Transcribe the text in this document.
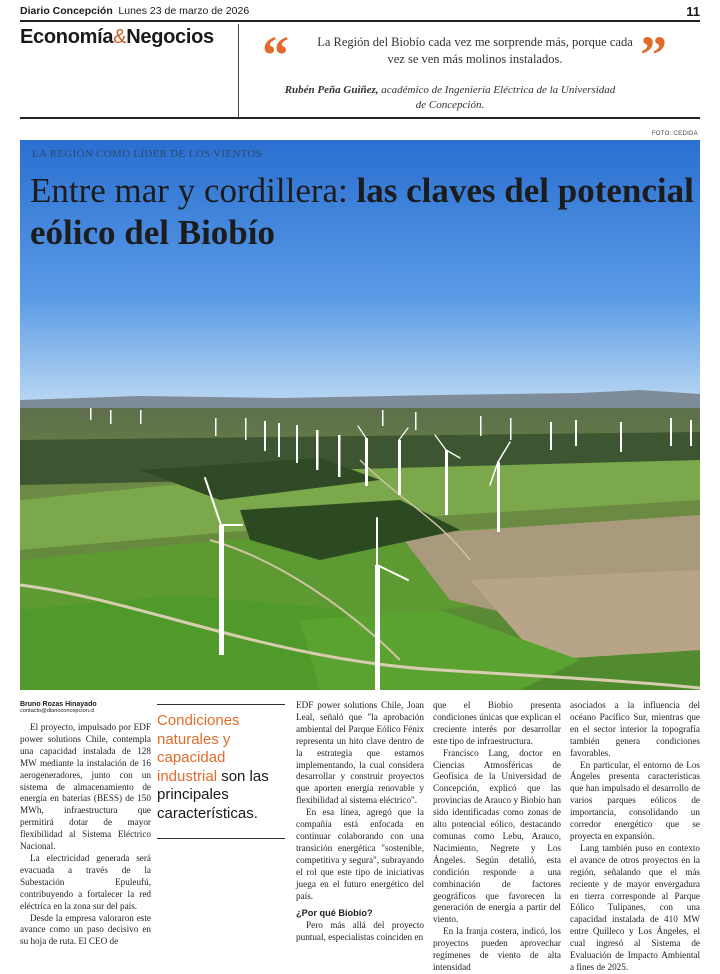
Diario Concepción Lunes 23 de marzo de 2026	11
Economía&Negocios “	”
La Región del Biobío cada vez me sorprende más, porque cada vez se ven más molinos instalados.
Rubén Peña Guiñez, académico de Ingeniería Eléctrica de la Universidad de Concepción.
FOTO: CEDIDA
LA REGIÓN COMO LÍDER DE LOS VIENTOS
Entre mar y cordillera: las claves del potencial eólico del Biobío
Bruno Rozas Hinayado
contacto@diarioconcepcion.cl

El proyecto, impulsado por EDF power solutions Chile, contempla una capacidad instalada de 128 MW mediante la instalación de 16 aerogeneradores, junto con un sistema de almacenamiento de energía en baterías (BESS) de 150 MWh, infraestructura que permitirá dotar de mayor flexibilidad al Sistema Eléctrico Nacional.

La electricidad generada será evacuada a través de la Subestación Epuleufú, contribuyendo a fortalecer la red eléctrica en la zona sur del país.

Desde la empresa valoraron este avance como un paso decisivo en su hoja de ruta. El CEO de

Condiciones naturales y capacidad industrial son las principales características.

EDF power solutions Chile, Joan Leal, señaló que "la aprobación ambiental del Parque Eólico Fénix representa un hito clave dentro de la estrategia que estamos implementando, la cual considera desarrollar y construir proyectos que aporten energía renovable y flexibilidad al sistema eléctrico".

En esa línea, agregó que la compañía está enfocada en continuar colaborando con una transición energética "sostenible, competitiva y segura", subrayando el rol que este tipo de iniciativas juega en el futuro energético del país.

¿Por qué Biobío?

Pero más allá del proyecto puntual, especialistas coinciden en

que el Biobío presenta condiciones únicas que explican el creciente interés por desarrollar este tipo de infraestructura.

Francisco Lang, doctor en Ciencias Atmosféricas de Geofísica de la Universidad de Concepción, explicó que las provincias de Arauco y Biobío han sido identificadas como zonas de alto potencial eólico, destacando comunas como Lebu, Arauco, Nacimiento, Negrete y Los Ángeles. Según detalló, esta condición responde a una combinación de factores geográficos que favorecen la generación de energía a partir del viento.

En la franja costera, indicó, los proyectos pueden aprovechar regímenes de viento de alta intensidad

asociados a la influencia del océano Pacífico Sur, mientras que en el sector interior la topografía también genera condiciones favorables.

En particular, el entorno de Los Ángeles presenta características que han impulsado el desarrollo de varios parques eólicos de importancia, consolidando un corredor energético que se proyecta en expansión.

Lang también puso en contexto el avance de otros proyectos en la región, señalando que el más reciente y de mayor envergadura en tierra corresponde al Parque Eólico Tulipanes, con una capacidad instalada de 410 MW entre Quilleco y Los Ángeles, el cual ingresó al Sistema de Evaluación de Impacto Ambiental a fines de 2025.
